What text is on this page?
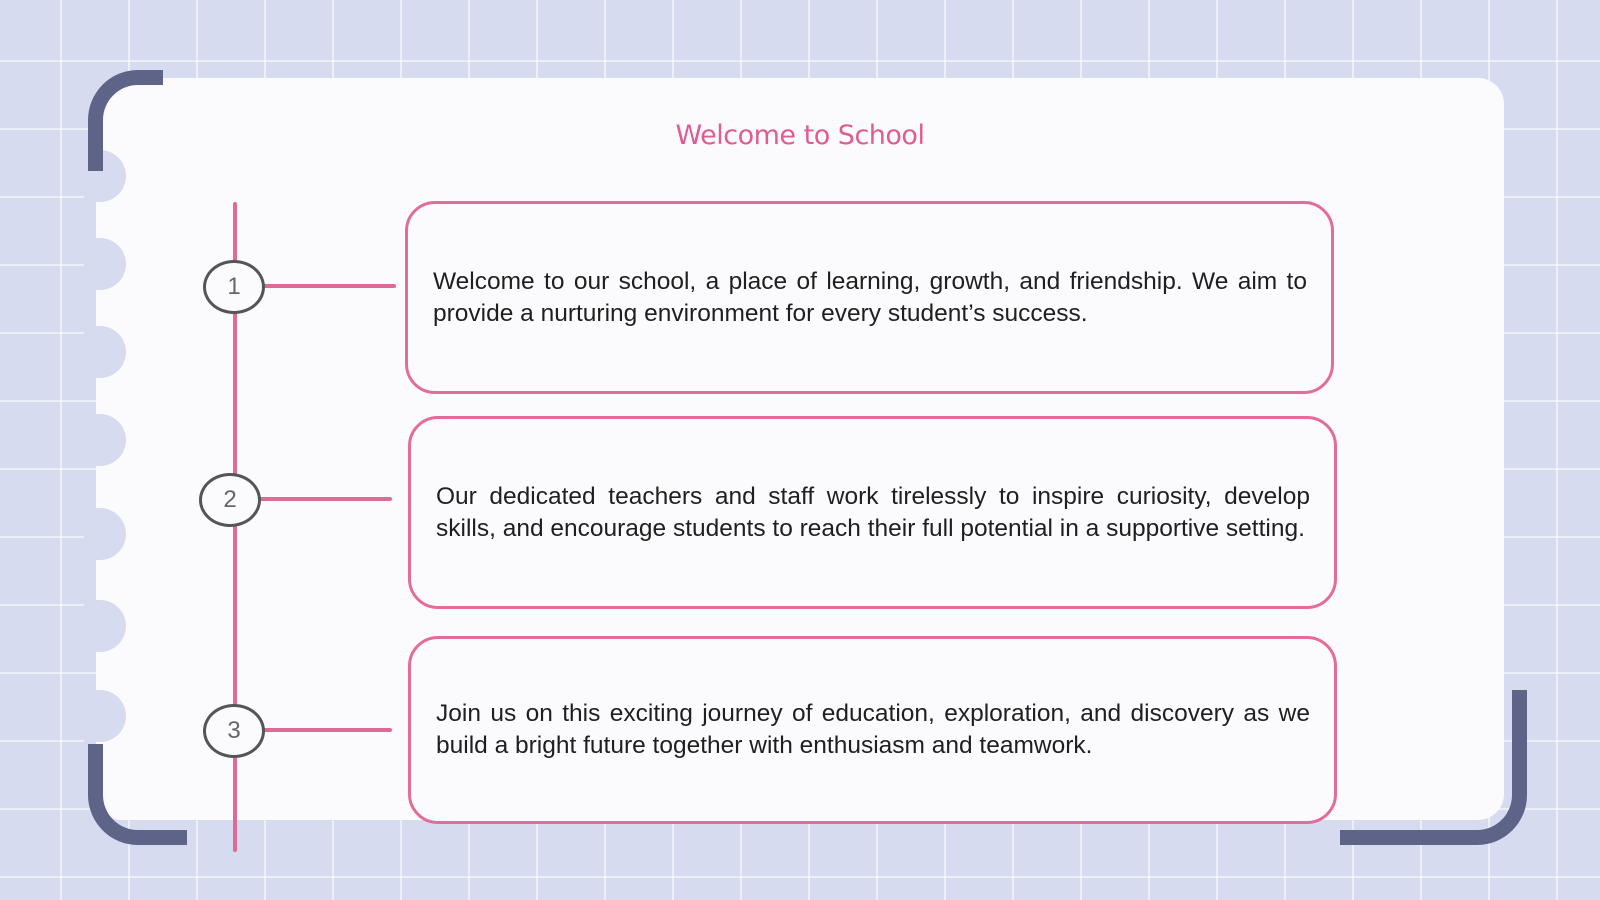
Welcome to School
1
2
3
Welcome to our school, a place of learning, growth, and friendship. We aim to provide a nurturing environment for every student’s success.
Our dedicated teachers and staff work tirelessly to inspire curiosity, develop skills, and encourage students to reach their full potential in a supportive setting.
Join us on this exciting journey of education, exploration, and discovery as we build a bright future together with enthusiasm and teamwork.
